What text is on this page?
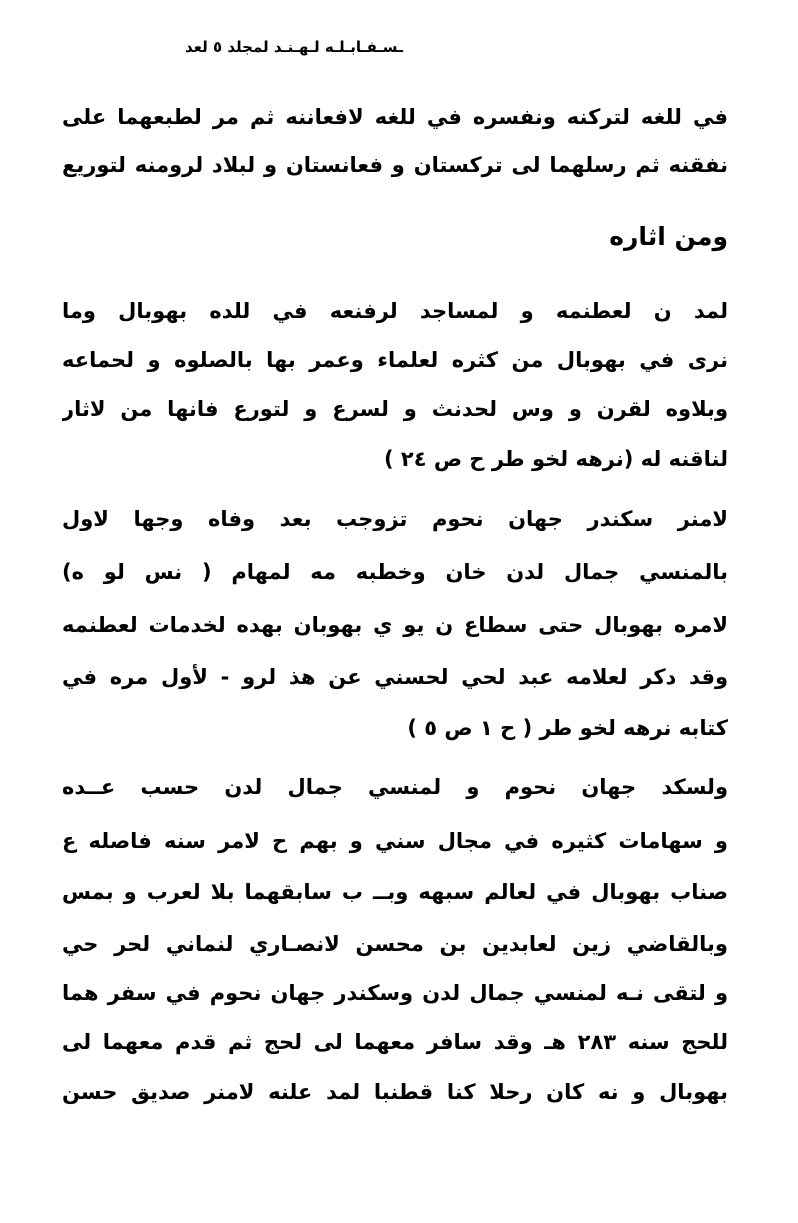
ـسـفـابـلـه لـهـنـد لمجلد ٥ لعد
في للغه لتركنه ونفسره في للغه لافعاننه ثم مر لطبعهما على
نفقنه ثم رسلهما لى تركستان و فعانستان و لبلاد لرومنه لتوريع
ومن اثاره
لمد ن لعطنمه و لمساجد لرفنعه في للده بهوبال وما
نرى في بهوبال من كثره لعلماء وعمر بها بالصلوه و لحماعه
وبلاوه لقرن و وس لحدنث و لسرع و لتورع فانها من لاثار
لناقنه له (نرهه لخو طر ح ص ٢٤ )
لامنر سكندر جهان نحوم تزوجب بعد وفاه وجها لاول
بالمنسي جمال لدن خان وخطبه مه لمهام ( نس لو ه)
لامره بهوبال حتى سطاع ن يو ي بهوبان بهده لخدمات لعطنمه
وقد دكر لعلامه عبد لحي لحسني عن هذ لرو - لأول مره في
كتابه نرهه لخو طر ( ح ١ ص ٥ )
ولسكد جهان نحوم و لمنسي جمال لدن حسب عــده
و سهامات كثيره في مجال سني و بهم ح لامر سنه فاصله ع
صناب بهوبال في لعالم سبهه وبــ ب سابقهما بلا لعرب و بمس
وبالقاضي زين لعابدين بن محسن لانصـاري لنماني لحر حي
و لتقى نـه لمنسي جمال لدن وسكندر جهان نحوم في سفر هما
للحج سنه ٢٨٣ هـ وقد سافر معهما لى لحج ثم قدم معهما لى
بهوبال و نه كان رحلا كنا قطنبا لمد علنه لامنر صديق حسن
